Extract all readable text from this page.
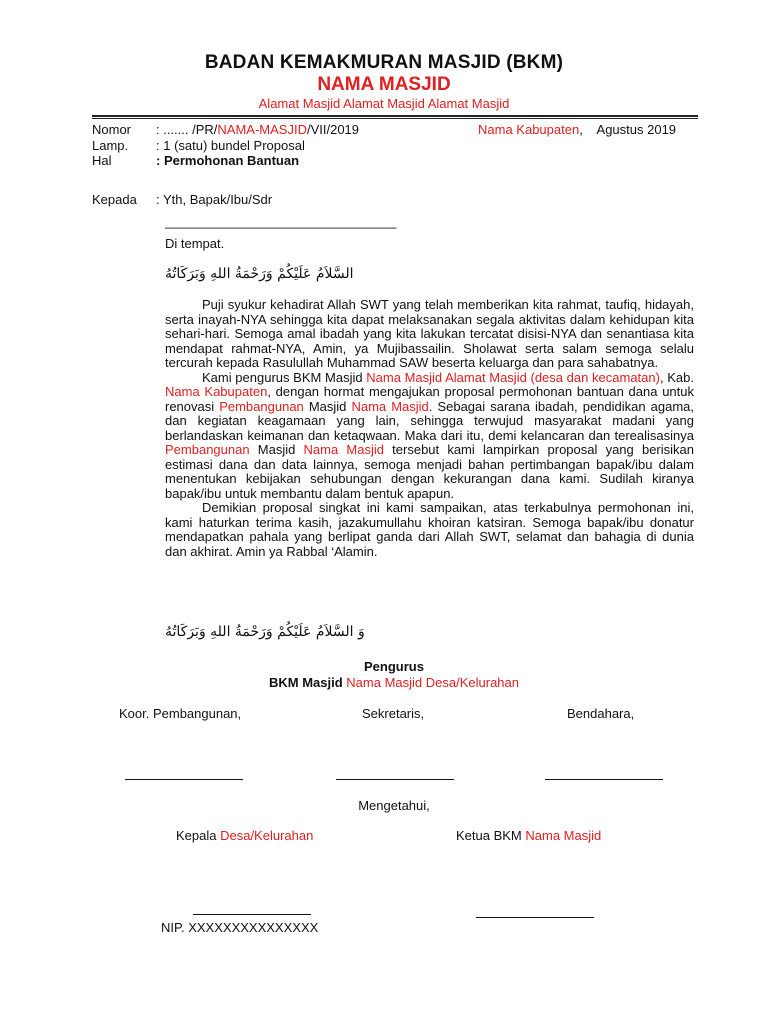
BADAN KEMAKMURAN MASJID (BKM)
NAMA MASJID
Alamat Masjid Alamat Masjid Alamat Masjid
Nomor : ....... /PR/NAMA-MASJID/VII/2019	Nama Kabupaten,    Agustus 2019
Lamp. : 1 (satu) bundel Proposal
Hal	: Permohonan Bantuan
Kepada : Yth, Bapak/Ibu/Sdr
________________________________
Di tempat.
السَّلاَمُ عَلَيْكُمْ وَرَحْمَةُ اللهِ وَبَرَكَاتُهُ
Puji syukur kehadirat Allah SWT yang telah memberikan kita rahmat, taufiq, hidayah, serta inayah-NYA sehingga kita dapat melaksanakan segala aktivitas dalam kehidupan kita sehari-hari. Semoga amal ibadah yang kita lakukan tercatat disisi-NYA dan senantiasa kita mendapat rahmat-NYA, Amin, ya Mujibassailin. Sholawat serta salam semoga selalu tercurah kepada Rasulullah Muhammad SAW beserta keluarga dan para sahabatnya.
Kami pengurus BKM Masjid Nama Masjid Alamat Masjid (desa dan kecamatan), Kab. Nama Kabupaten, dengan hormat mengajukan proposal permohonan bantuan dana untuk renovasi Pembangunan Masjid Nama Masjid. Sebagai sarana ibadah, pendidikan agama, dan kegiatan keagamaan yang lain, sehingga terwujud masyarakat madani yang berlandaskan keimanan dan ketaqwaan. Maka dari itu, demi kelancaran dan terealisasinya Pembangunan Masjid Nama Masjid tersebut kami lampirkan proposal yang berisikan estimasi dana dan data lainnya, semoga menjadi bahan pertimbangan bapak/ibu dalam menentukan kebijakan sehubungan dengan kekurangan dana kami. Sudilah kiranya bapak/ibu untuk membantu dalam bentuk apapun.
Demikian proposal singkat ini kami sampaikan, atas terkabulnya permohonan ini, kami haturkan terima kasih, jazakumullahu khoiran katsiran. Semoga bapak/ibu donatur mendapatkan pahala yang berlipat ganda dari Allah SWT, selamat dan bahagia di dunia dan akhirat. Amin ya Rabbal ‘Alamin.
وَ السَّلاَمُ عَلَيْكُمْ وَرَحْمَةُ اللهِ وَبَرَكَاتُهُ
Pengurus
BKM Masjid Nama Masjid Desa/Kelurahan
Koor. Pembangunan,	Sekretaris,	Bendahara,
Mengetahui,
Kepala Desa/Kelurahan	Ketua BKM Nama Masjid
NIP. XXXXXXXXXXXXXXX
